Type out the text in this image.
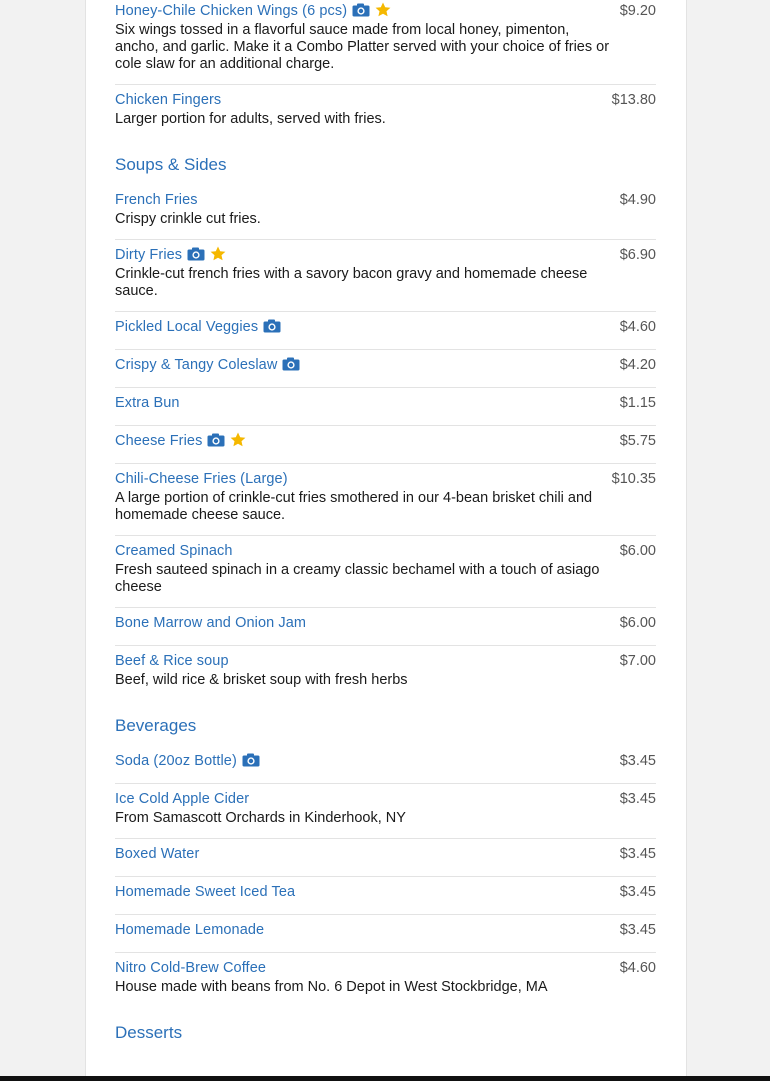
Honey-Chile Chicken Wings (6 pcs)	$9.20
Six wings tossed in a flavorful sauce made from local honey, pimenton, ancho, and garlic. Make it a Combo Platter served with your choice of fries or cole slaw for an additional charge.
Chicken Fingers	$13.80
Larger portion for adults, served with fries.
Soups & Sides
French Fries	$4.90
Crispy crinkle cut fries.
Dirty Fries	$6.90
Crinkle-cut french fries with a savory bacon gravy and homemade cheese sauce.
Pickled Local Veggies	$4.60
Crispy & Tangy Coleslaw	$4.20
Extra Bun	$1.15
Cheese Fries	$5.75
Chili-Cheese Fries (Large)	$10.35
A large portion of crinkle-cut fries smothered in our 4-bean brisket chili and homemade cheese sauce.
Creamed Spinach	$6.00
Fresh sauteed spinach in a creamy classic bechamel with a touch of asiago cheese
Bone Marrow and Onion Jam	$6.00
Beef & Rice soup	$7.00
Beef, wild rice & brisket soup with fresh herbs
Beverages
Soda (20oz Bottle)	$3.45
Ice Cold Apple Cider	$3.45
From Samascott Orchards in Kinderhook, NY
Boxed Water	$3.45
Homemade Sweet Iced Tea	$3.45
Homemade Lemonade	$3.45
Nitro Cold-Brew Coffee	$4.60
House made with beans from No. 6 Depot in West Stockbridge, MA
Desserts
